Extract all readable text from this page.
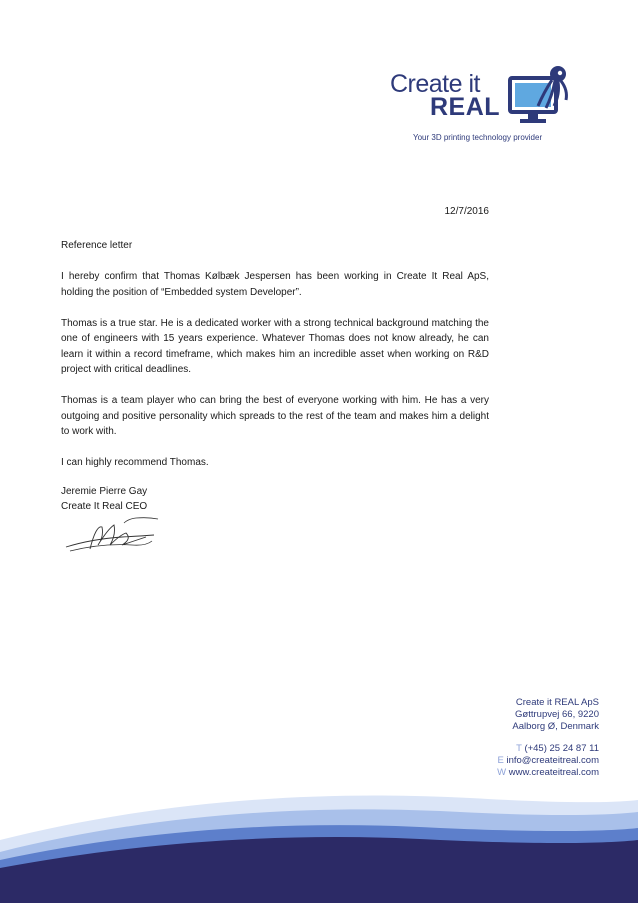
Create it
REAL
Your 3D printing technology provider
12/7/2016

Reference letter

I hereby confirm that Thomas Kølbæk Jespersen has been working in Create It Real ApS, holding the position of “Embedded system Developer”.

Thomas is a true star. He is a dedicated worker with a strong technical background matching the one of engineers with 15 years experience. Whatever Thomas does not know already, he can learn it within a record timeframe, which makes him an incredible asset when working on R&D project with critical deadlines.

Thomas is a team player who can bring the best of everyone working with him. He has a very outgoing and positive personality which spreads to the rest of the team and makes him a delight to work with.

I can highly recommend Thomas.

Jeremie Pierre Gay
Create It Real CEO
Create it REAL ApS
Gøttrupvej 66, 9220
Aalborg Ø, Denmark
T (+45) 25 24 87 11
E info@createitreal.com
W www.createitreal.com
